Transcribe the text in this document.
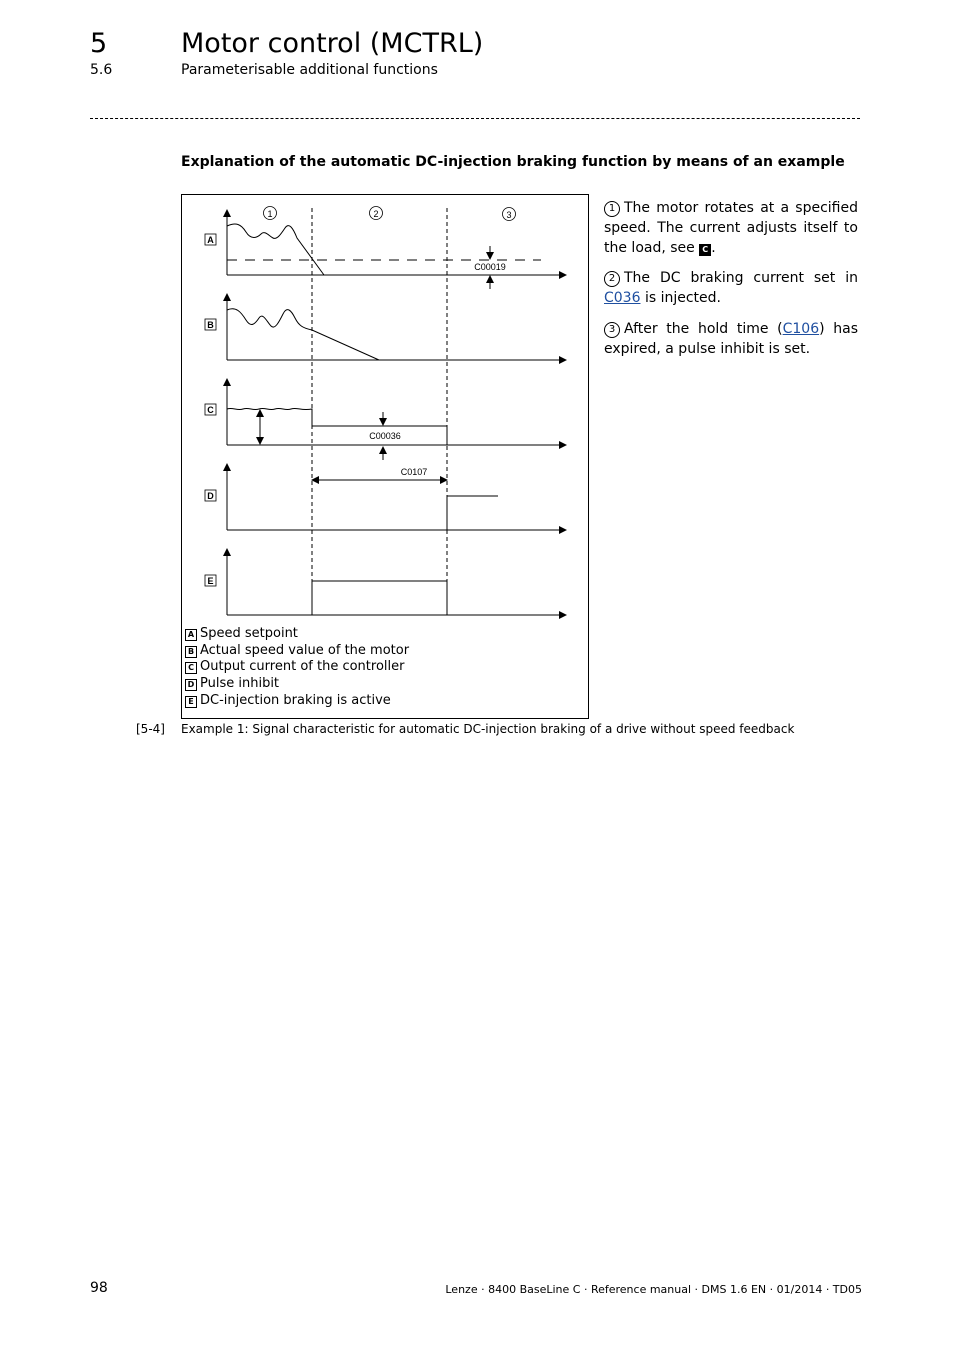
5	Motor control (MCTRL)
5.6	Parameterisable additional functions
Explanation of the automatic DC-injection braking function by means of an example
1	2	3
A
B
C
D
E
C00019
C00036
C0107
A Speed setpoint
B Actual speed value of the motor
C Output current of the controller
D Pulse inhibit
E DC-injection braking is active
1 The motor rotates at a specified speed. The current adjusts itself to the load, see C .
2 The DC braking current set in C036 is injected.
3 After the hold time (C106) has expired, a pulse inhibit is set.
[5-4] Example 1: Signal characteristic for automatic DC-injection braking of a drive without speed feedback
98	Lenze · 8400 BaseLine C · Reference manual · DMS 1.6 EN · 01/2014 · TD05
